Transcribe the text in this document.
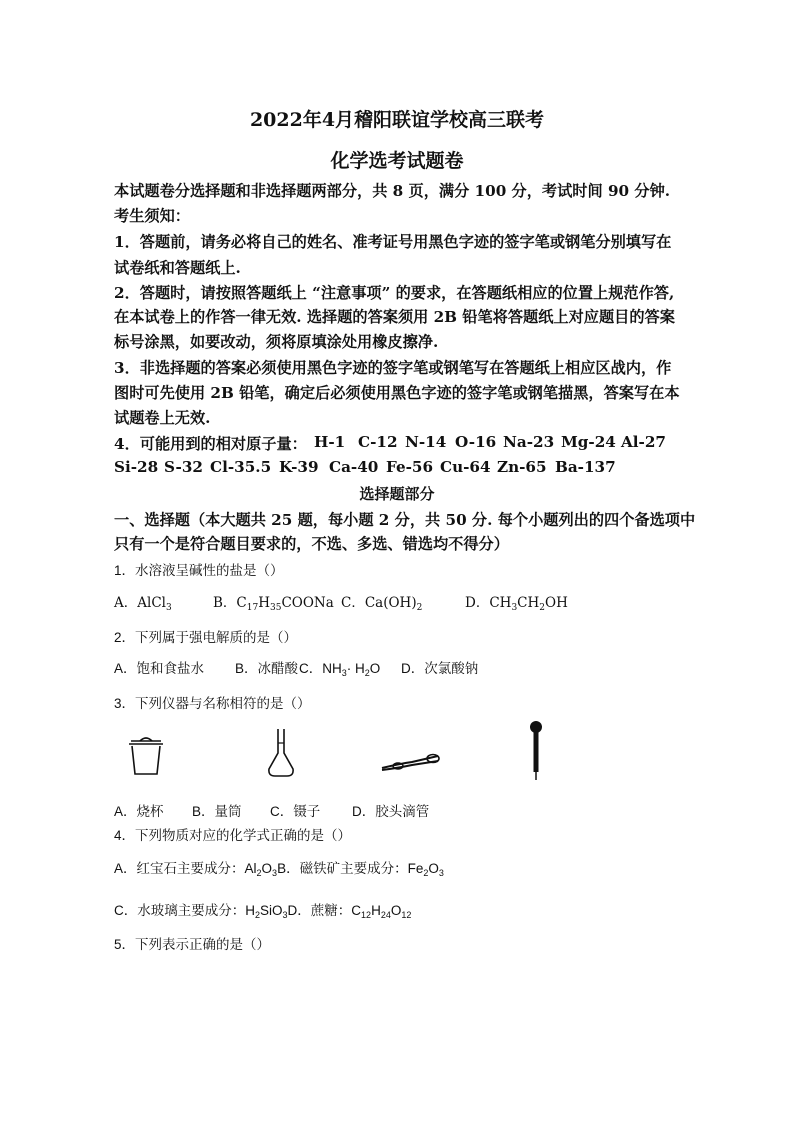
2022年4月稽阳联谊学校高三联考
化学选考试题卷
本试题卷分选择题和非选择题两部分，共 8 页，满分 100 分，考试时间 90 分钟.
考生须知：
1．答题前，请务必将自己的姓名、准考证号用黑色字迹的签字笔或钢笔分别填写在
试卷纸和答题纸上.
2．答题时，请按照答题纸上 “注意事项” 的要求，在答题纸相应的位置上规范作答,
在本试卷上的作答一律无效. 选择题的答案须用 2B 铅笔将答题纸上对应题目的答案
标号涂黑，如要改动，须将原填涂处用橡皮擦净.
3．非选择题的答案必须使用黑色字迹的签字笔或钢笔写在答题纸上相应区战内，作
图时可先使用 2B 铅笔，确定后必须使用黑色字迹的签字笔或钢笔描黑，答案写在本
试题卷上无效.
4．可能用到的相对原子量： H-1 C-12 N-14 O-16 Na-23 Mg-24 Al-27
Si-28 S-32 Cl-35.5 K-39 Ca-40 Fe-56 Cu-64 Zn-65 Ba-137
选择题部分
一、选择题（本大题共 25 题，每小题 2 分，共 50 分. 每个小题列出的四个备选项中
只有一个是符合题目要求的，不选、多选、错选均不得分）
1．水溶液呈碱性的盐是（）
A．AlCl$_3$	B．$C_{17}H_{35}COONa$ C．$Ca(OH)_2$	D．$CH_3CH_2OH$
2．下列属于强电解质的是（）
A．饱和食盐水 B．冰醋酸C．$NH_3\cdot H_2O$ D．次氯酸钠
3．下列仪器与名称相符的是（）
A．烧杯 B．量筒 C．镊子 D．胶头滴管
4．下列物质对应的化学式正确的是（）
A．红宝石主要成分：$Al_2O_3B$．磁铁矿主要成分：$Fe_2O_3$
C．水玻璃主要成分：$H_2SiO_3D$．蔗糖：$C_{12}H_{24}O_{12}$
5．下列表示正确的是（）
